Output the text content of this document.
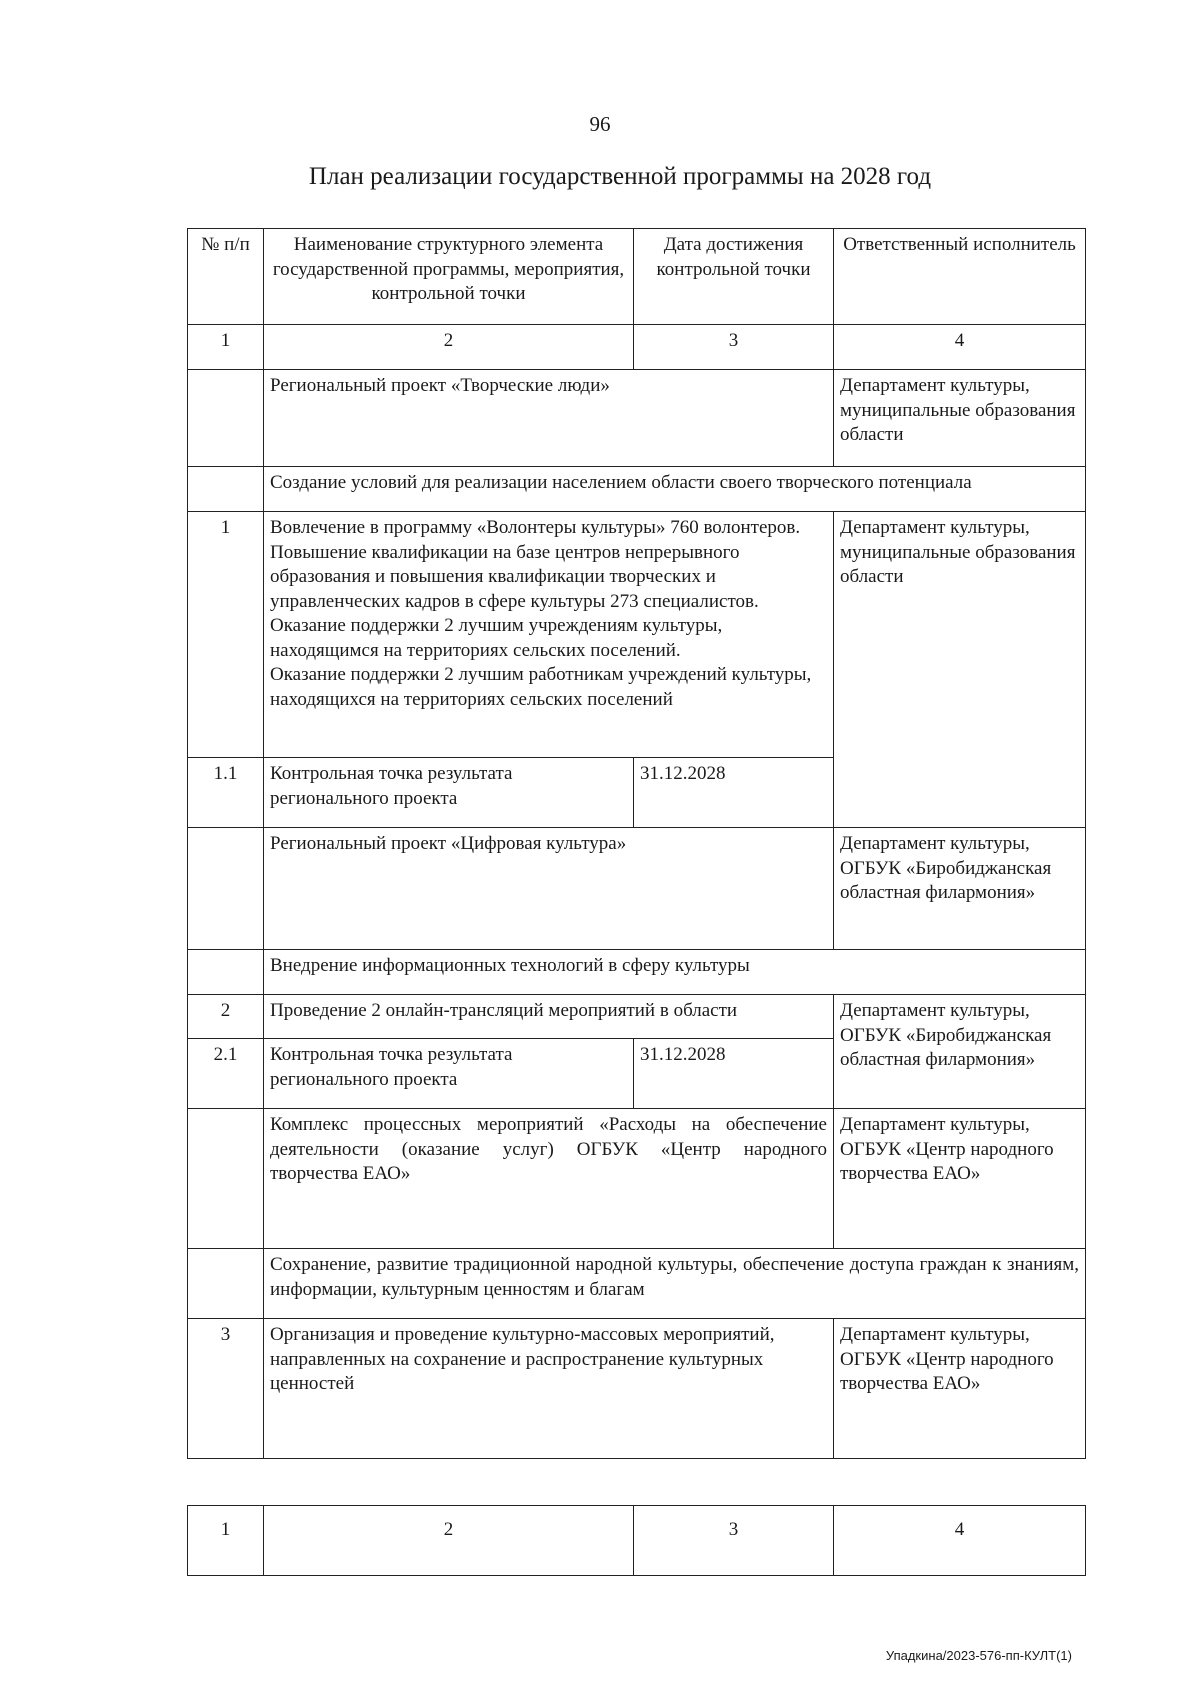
96
План реализации государственной программы на 2028 год
№ п/п	Наименование структурного элемента государственной программы, мероприятия, контрольной точки	Дата достижения контрольной точки	Ответственный исполнитель
1	2	3	4
	Региональный проект «Творческие люди»		Департамент культуры, муниципальные образования области
	Создание условий для реализации населением области своего творческого потенциала		
1	Вовлечение в программу «Волонтеры культуры» 760 волонтеров.
Повышение квалификации на базе центров непрерывного образования и повышения квалификации творческих и управленческих кадров в сфере культуры 273 специалистов.
Оказание поддержки 2 лучшим учреждениям культуры, находящимся на территориях сельских поселений.
Оказание поддержки 2 лучшим работникам учреждений культуры, находящихся на территориях сельских поселений		Департамент культуры, муниципальные образования области
1.1	Контрольная точка результата регионального проекта	31.12.2028	
	Региональный проект «Цифровая культура»		Департамент культуры, ОГБУК «Биробиджанская областная филармония»
	Внедрение информационных технологий в сферу культуры		
2	Проведение 2 онлайн-трансляций мероприятий в области		Департамент культуры, ОГБУК «Биробиджанская областная филармония»
2.1	Контрольная точка результата регионального проекта	31.12.2028	
	Комплекс процессных мероприятий «Расходы на обеспечение деятельности (оказание услуг) ОГБУК «Центр народного творчества ЕАО»		Департамент культуры, ОГБУК «Центр народного творчества ЕАО»
	Сохранение, развитие традиционной народной культуры, обеспечение доступа граждан к знаниям, информации, культурным ценностям и благам		
3	Организация и проведение культурно-массовых мероприятий, направленных на сохранение и распространение культурных ценностей		Департамент культуры, ОГБУК «Центр народного творчества ЕАО»
1	2	3	4
Упадкина/2023-576-пп-КУЛТ(1)
